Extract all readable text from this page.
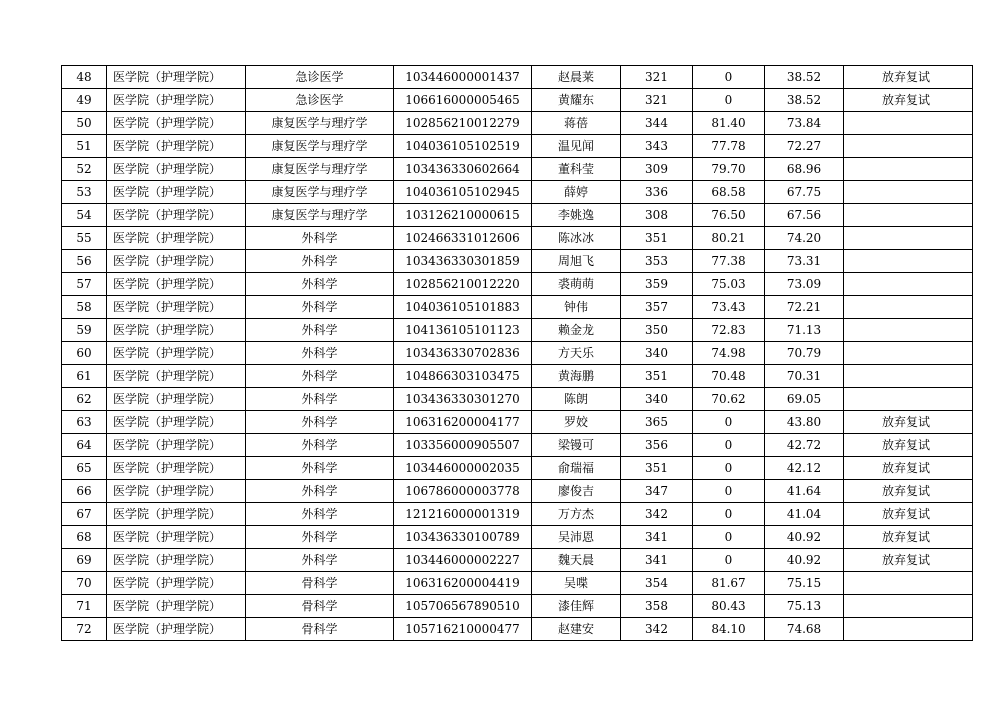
48	医学院（护理学院）	急诊医学	103446000001437	赵晨莱	321	0	38.52	放弃复试
49	医学院（护理学院）	急诊医学	106616000005465	黄耀东	321	0	38.52	放弃复试
50	医学院（护理学院）	康复医学与理疗学	102856210012279	蒋蓓	344	81.40	73.84	
51	医学院（护理学院）	康复医学与理疗学	104036105102519	温见闻	343	77.78	72.27	
52	医学院（护理学院）	康复医学与理疗学	103436330602664	董科莹	309	79.70	68.96	
53	医学院（护理学院）	康复医学与理疗学	104036105102945	薛婷	336	68.58	67.75	
54	医学院（护理学院）	康复医学与理疗学	103126210000615	李姚逸	308	76.50	67.56	
55	医学院（护理学院）	外科学	102466331012606	陈冰冰	351	80.21	74.20	
56	医学院（护理学院）	外科学	103436330301859	周旭飞	353	77.38	73.31	
57	医学院（护理学院）	外科学	102856210012220	裘萌萌	359	75.03	73.09	
58	医学院（护理学院）	外科学	104036105101883	钟伟	357	73.43	72.21	
59	医学院（护理学院）	外科学	104136105101123	赖金龙	350	72.83	71.13	
60	医学院（护理学院）	外科学	103436330702836	方天乐	340	74.98	70.79	
61	医学院（护理学院）	外科学	104866303103475	黄海鹏	351	70.48	70.31	
62	医学院（护理学院）	外科学	103436330301270	陈朗	340	70.62	69.05	
63	医学院（护理学院）	外科学	106316200004177	罗姣	365	0	43.80	放弃复试
64	医学院（护理学院）	外科学	103356000905507	梁镘可	356	0	42.72	放弃复试
65	医学院（护理学院）	外科学	103446000002035	俞瑞福	351	0	42.12	放弃复试
66	医学院（护理学院）	外科学	106786000003778	廖俊吉	347	0	41.64	放弃复试
67	医学院（护理学院）	外科学	121216000001319	万方杰	342	0	41.04	放弃复试
68	医学院（护理学院）	外科学	103436330100789	吴沛恩	341	0	40.92	放弃复试
69	医学院（护理学院）	外科学	103446000002227	魏天晨	341	0	40.92	放弃复试
70	医学院（护理学院）	骨科学	106316200004419	吴喋	354	81.67	75.15	
71	医学院（护理学院）	骨科学	105706567890510	漆佳辉	358	80.43	75.13	
72	医学院（护理学院）	骨科学	105716210000477	赵建安	342	84.10	74.68	
